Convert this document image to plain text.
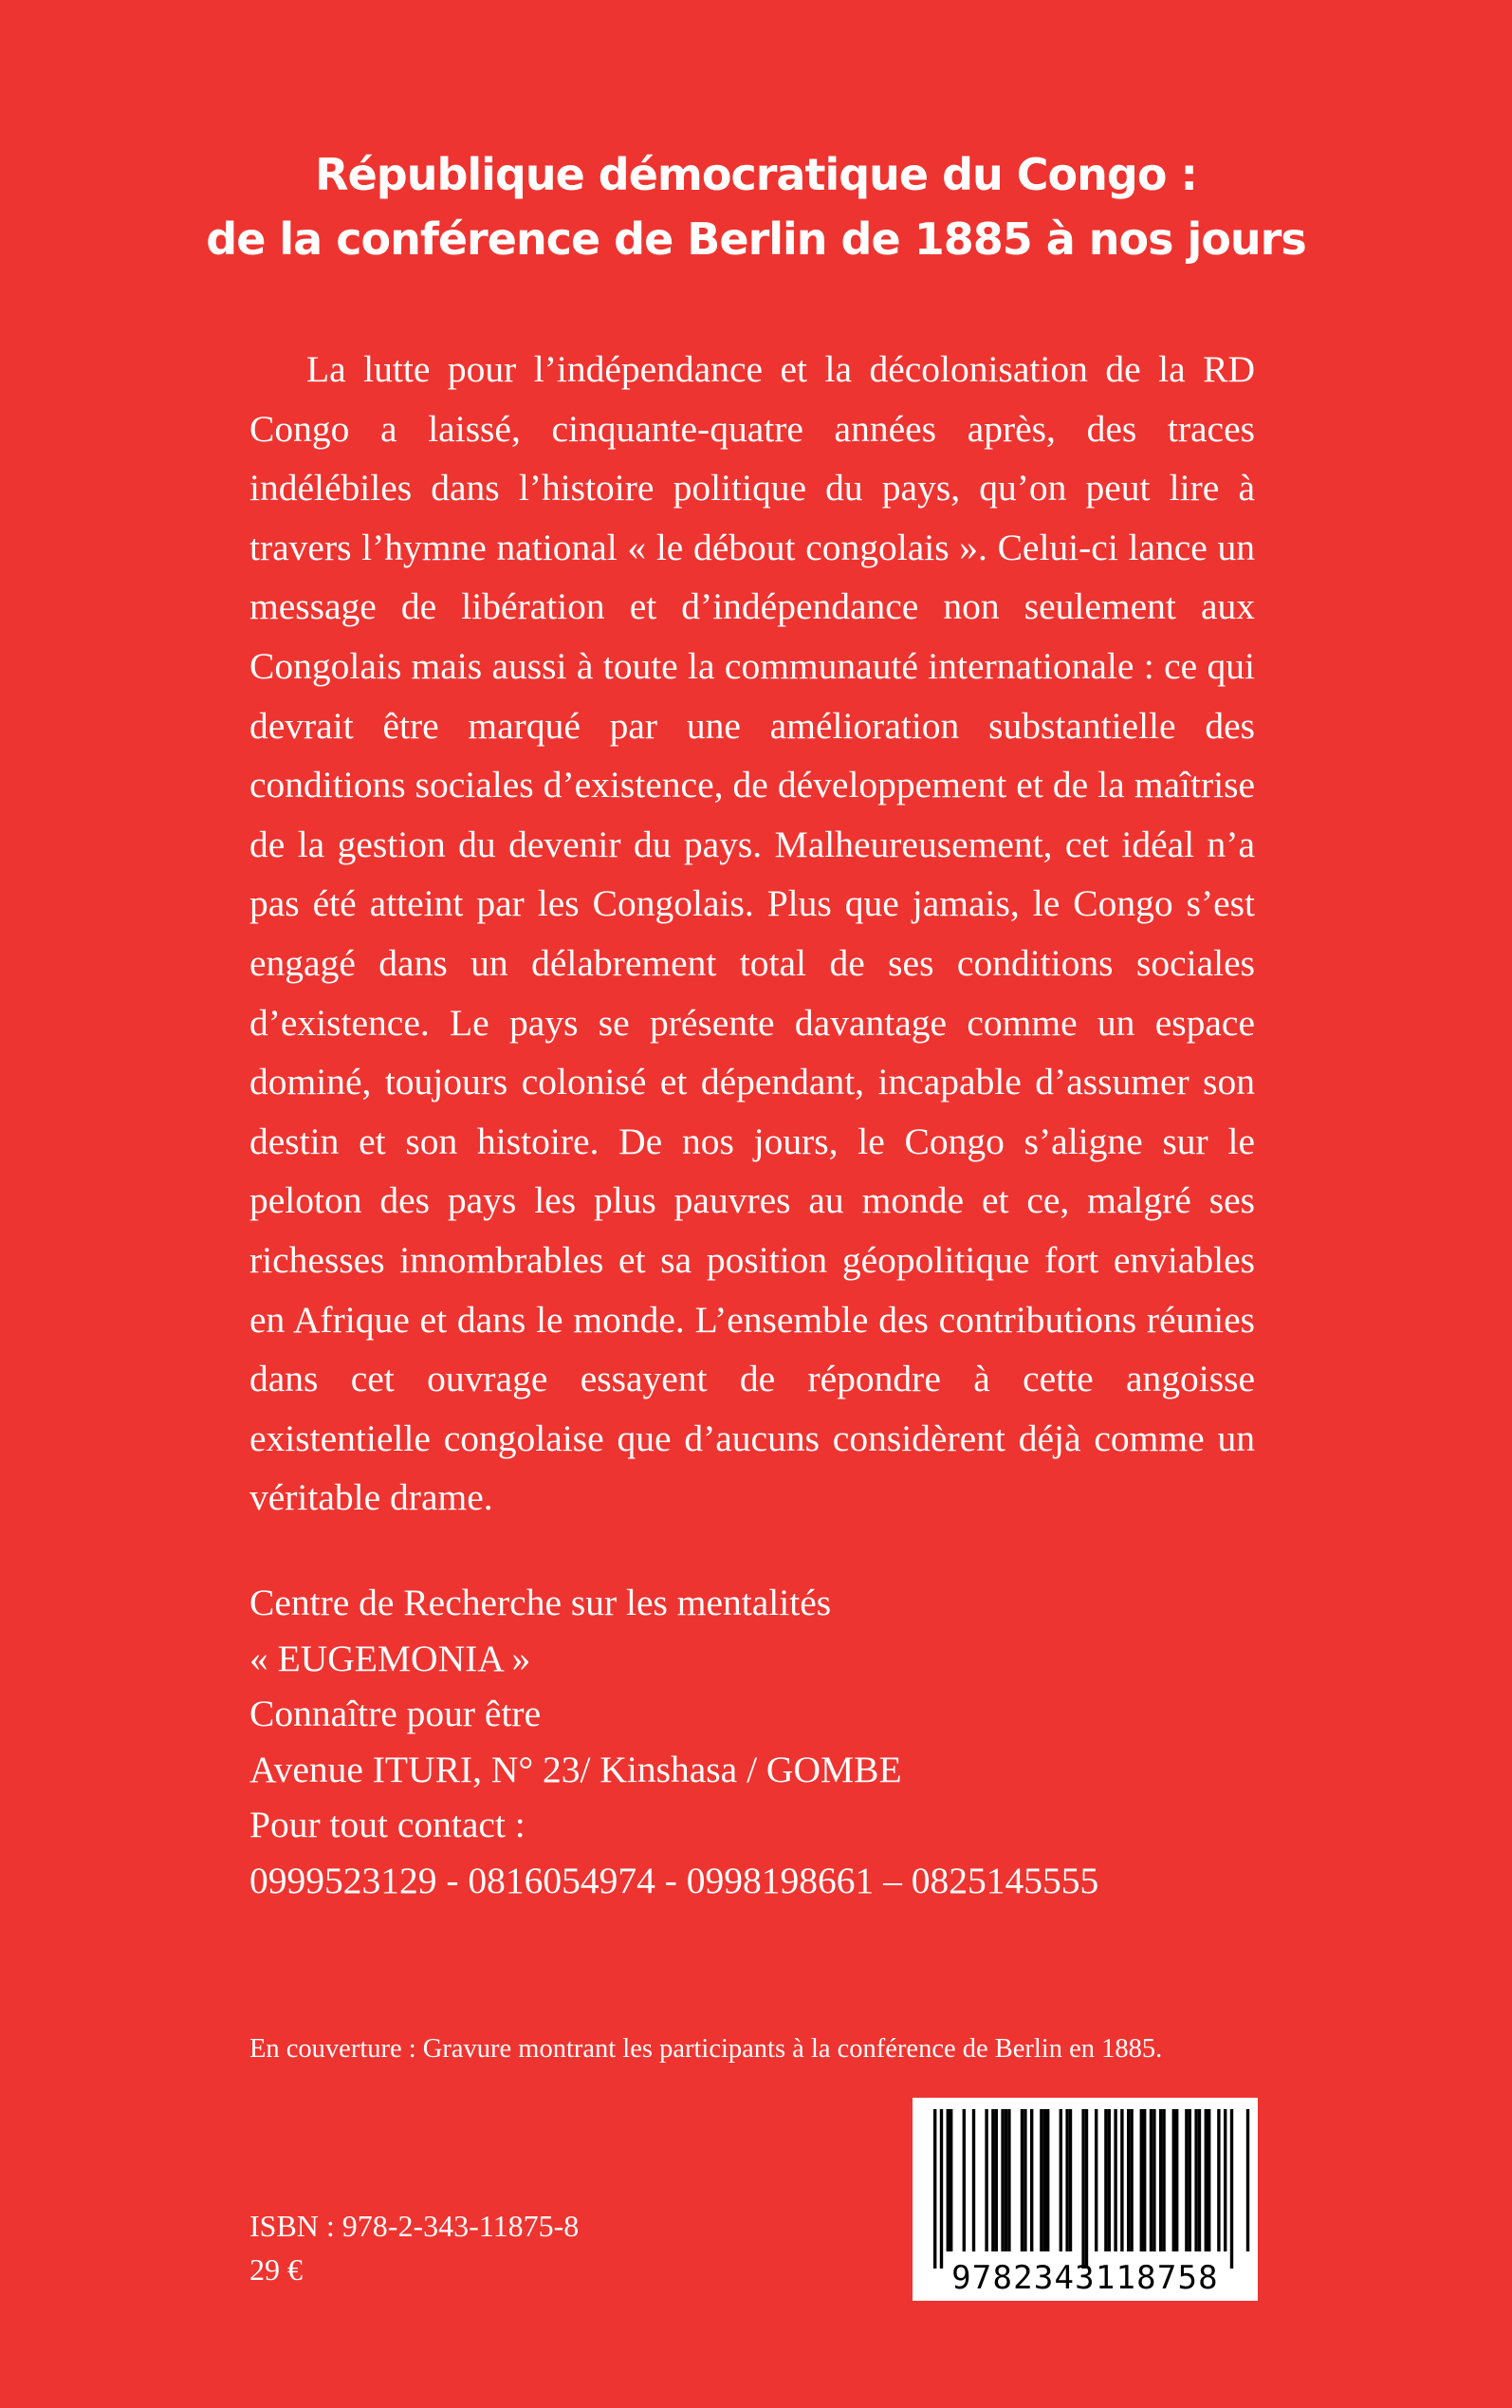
République démocratique du Congo :
de la conférence de Berlin de 1885 à nos jours

La lutte pour l’indépendance et la décolonisation de la RD Congo a laissé, cinquante-quatre années après, des traces indélébiles dans l’histoire politique du pays, qu’on peut lire à travers l’hymne national « le débout congolais ». Celui-ci lance un message de libération et d’indépendance non seulement aux Congolais mais aussi à toute la communauté internationale : ce qui devrait être marqué par une amélioration substantielle des conditions sociales d’existence, de développement et de la maîtrise de la gestion du devenir du pays. Malheureusement, cet idéal n’a pas été atteint par les Congolais. Plus que jamais, le Congo s’est engagé dans un délabrement total de ses conditions sociales d’existence. Le pays se présente davantage comme un espace dominé, toujours colonisé et dépendant, incapable d’assumer son destin et son histoire. De nos jours, le Congo s’aligne sur le peloton des pays les plus pauvres au monde et ce, malgré ses richesses innombrables et sa position géopolitique fort enviables en Afrique et dans le monde. L’ensemble des contributions réunies dans cet ouvrage essayent de répondre à cette angoisse existentielle congolaise que d’aucuns considèrent déjà comme un véritable drame.

Centre de Recherche sur les mentalités
« EUGEMONIA »
Connaître pour être
Avenue ITURI, N° 23/ Kinshasa / GOMBE
Pour tout contact :
0999523129 - 0816054974 - 0998198661 – 0825145555

En couverture : Gravure montrant les participants à la conférence de Berlin en 1885.

ISBN : 978-2-343-11875-8
29 €	9782343118758
